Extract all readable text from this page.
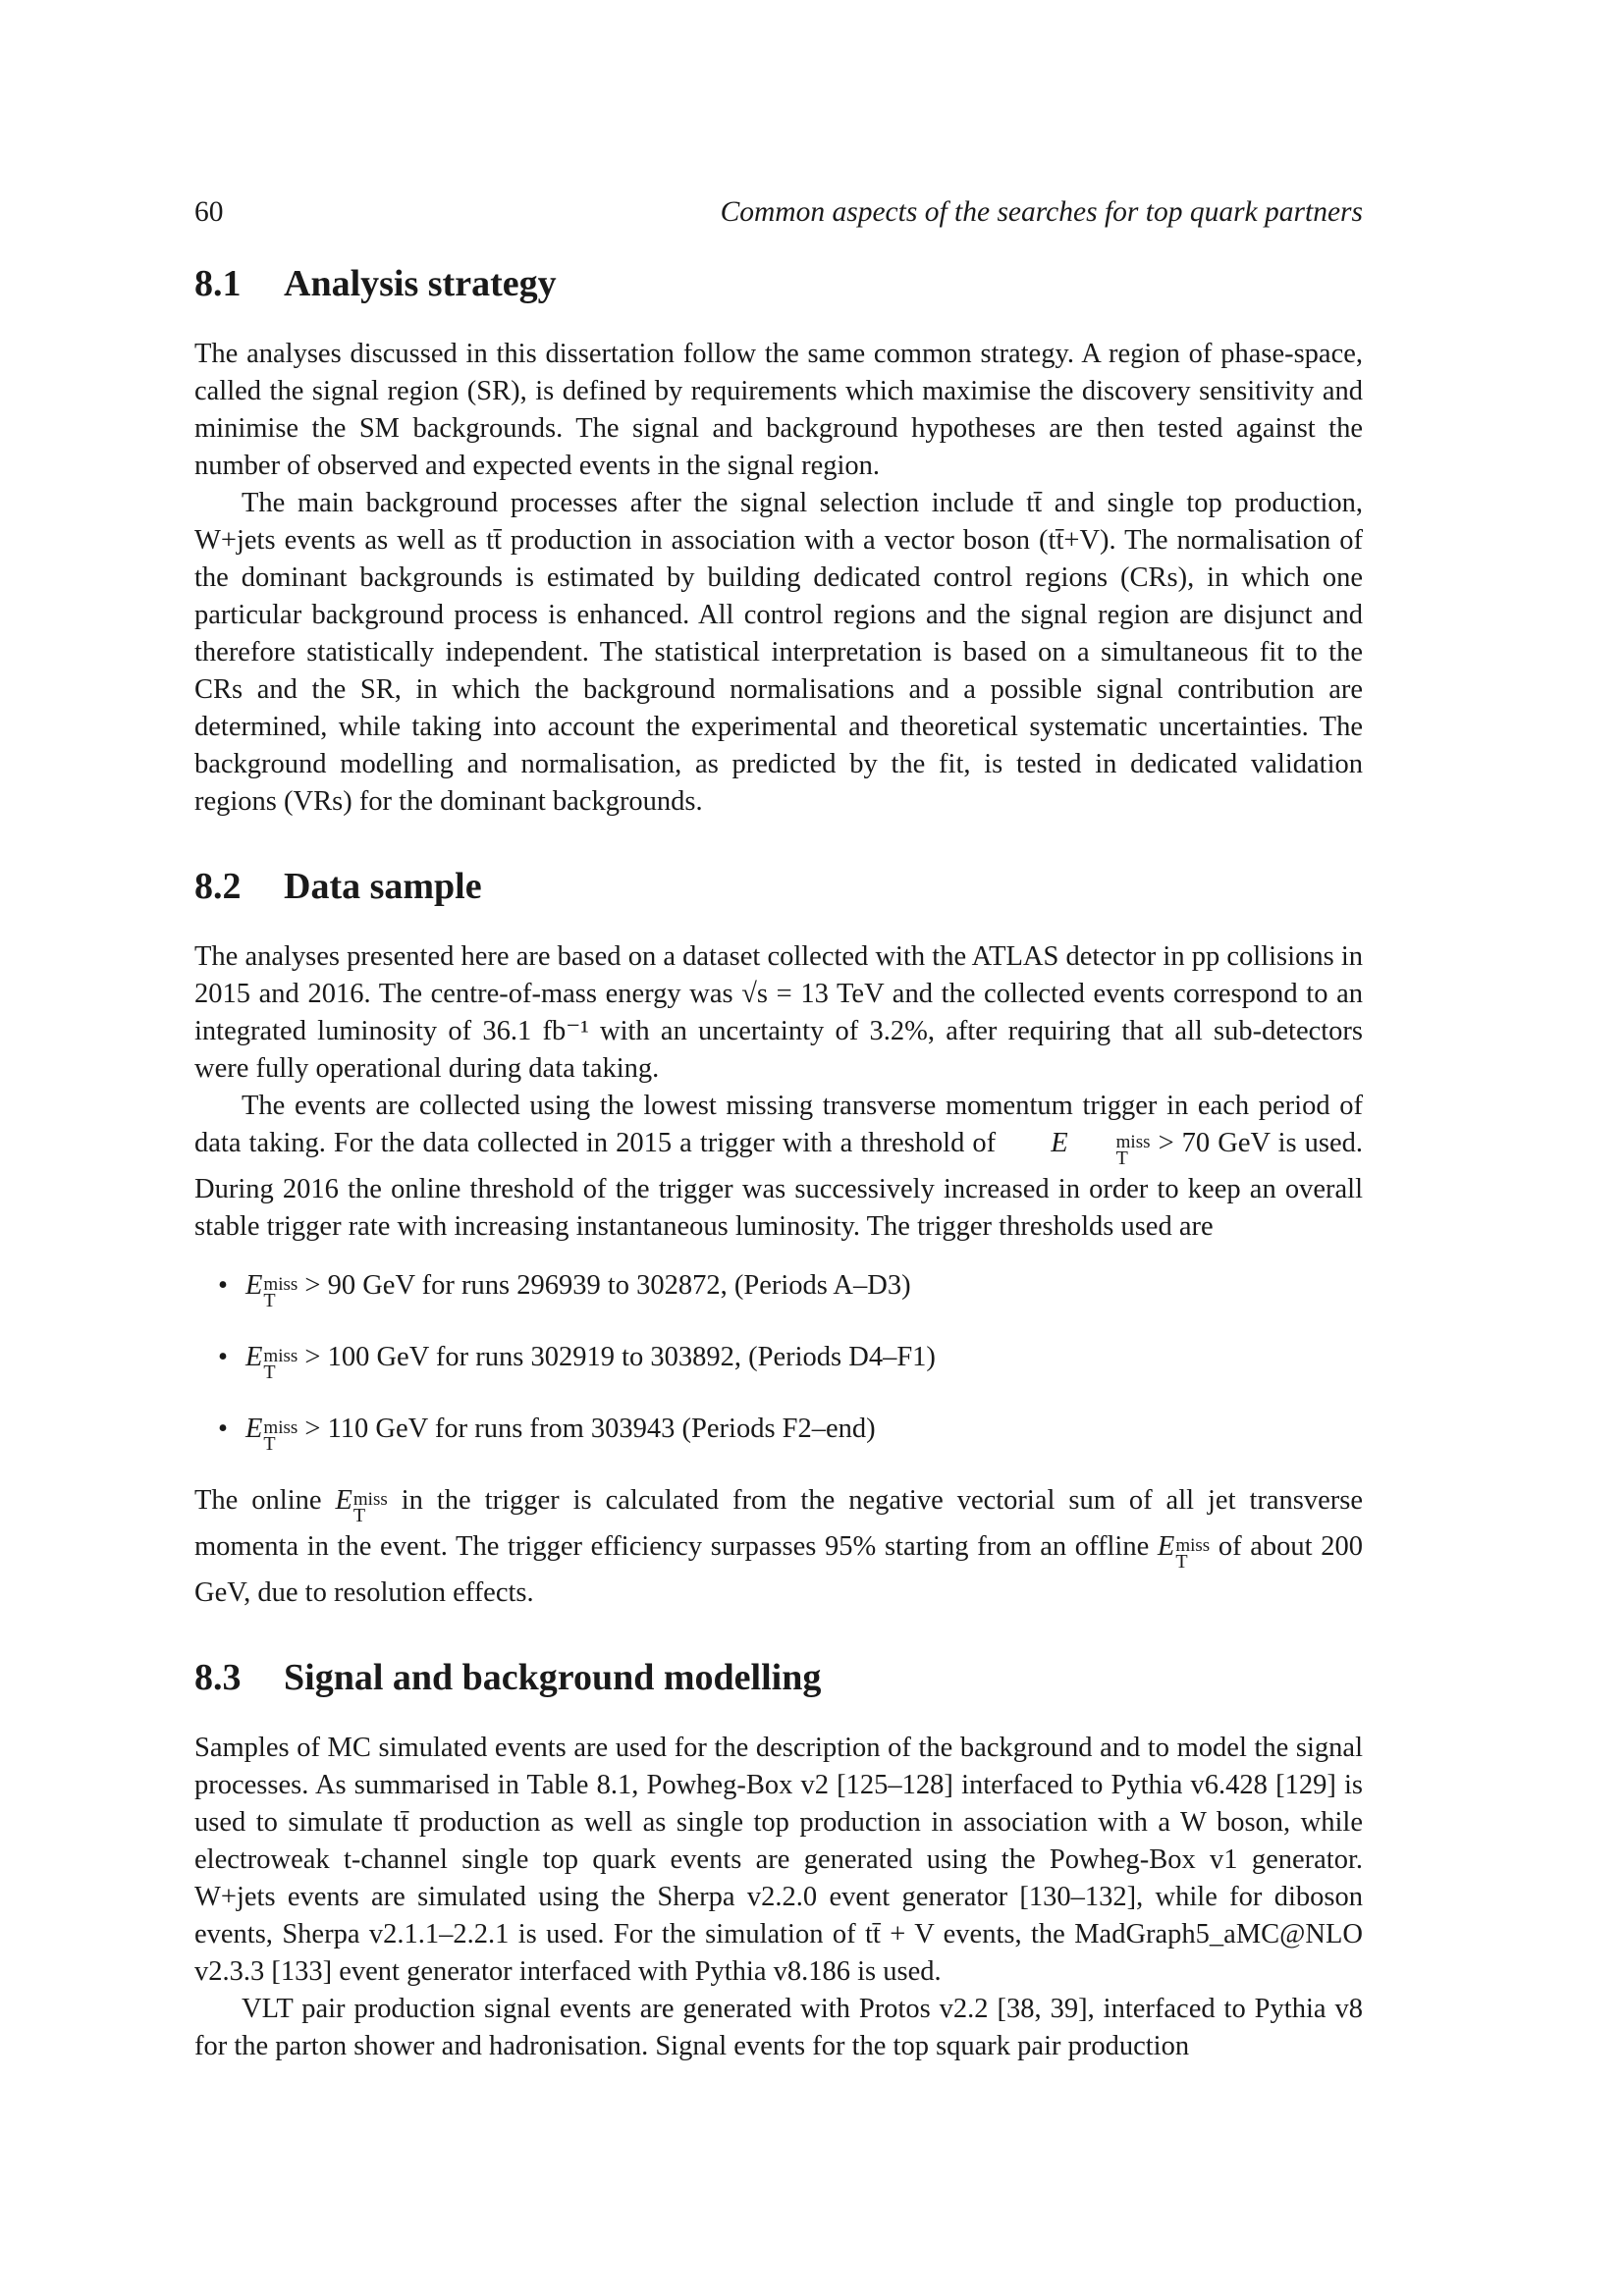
60	Common aspects of the searches for top quark partners
8.1	Analysis strategy

The analyses discussed in this dissertation follow the same common strategy. A region of phase-space, called the signal region (SR), is defined by requirements which maximise the discovery sensitivity and minimise the SM backgrounds. The signal and background hypotheses are then tested against the number of observed and expected events in the signal region.

The main background processes after the signal selection include tt̄ and single top production, W+jets events as well as tt̄ production in association with a vector boson (tt̄+V). The normalisation of the dominant backgrounds is estimated by building dedicated control regions (CRs), in which one particular background process is enhanced. All control regions and the signal region are disjunct and therefore statistically independent. The statistical interpretation is based on a simultaneous fit to the CRs and the SR, in which the background normalisations and a possible signal contribution are determined, while taking into account the experimental and theoretical systematic uncertainties. The background modelling and normalisation, as predicted by the fit, is tested in dedicated validation regions (VRs) for the dominant backgrounds.

8.2	Data sample

The analyses presented here are based on a dataset collected with the ATLAS detector in pp collisions in 2015 and 2016. The centre-of-mass energy was √s = 13 TeV and the collected events correspond to an integrated luminosity of 36.1 fb⁻¹ with an uncertainty of 3.2%, after requiring that all sub-detectors were fully operational during data taking.

The events are collected using the lowest missing transverse momentum trigger in each period of data taking. For the data collected in 2015 a trigger with a threshold of	E	miss
T	> 70 GeV is used. During 2016 the online threshold of the trigger was successively increased in order to keep an overall stable trigger rate with increasing instantaneous luminosity. The trigger thresholds used are

• E miss
T	> 90 GeV for runs 296939 to 302872, (Periods A–D3)
• E miss
T	> 100 GeV for runs 302919 to 303892, (Periods D4–F1)
• E miss
T	> 110 GeV for runs from 303943 (Periods F2–end)

The online E miss
T	in the trigger is calculated from the negative vectorial sum of all jet transverse momenta in the event. The trigger efficiency surpasses 95% starting from an offline E miss
T	of about 200 GeV, due to resolution effects.

8.3	Signal and background modelling

Samples of MC simulated events are used for the description of the background and to model the signal processes. As summarised in Table 8.1, Powheg-Box v2 [125–128] interfaced to Pythia v6.428 [129] is used to simulate tt̄ production as well as single top production in association with a W boson, while electroweak t-channel single top quark events are generated using the Powheg-Box v1 generator. W+jets events are simulated using the Sherpa v2.2.0 event generator [130–132], while for diboson events, Sherpa v2.1.1–2.2.1 is used. For the simulation of tt̄ + V events, the MadGraph5_aMC@NLO v2.3.3 [133] event generator interfaced with Pythia v8.186 is used.

VLT pair production signal events are generated with Protos v2.2 [38, 39], interfaced to Pythia v8 for the parton shower and hadronisation. Signal events for the top squark pair production
